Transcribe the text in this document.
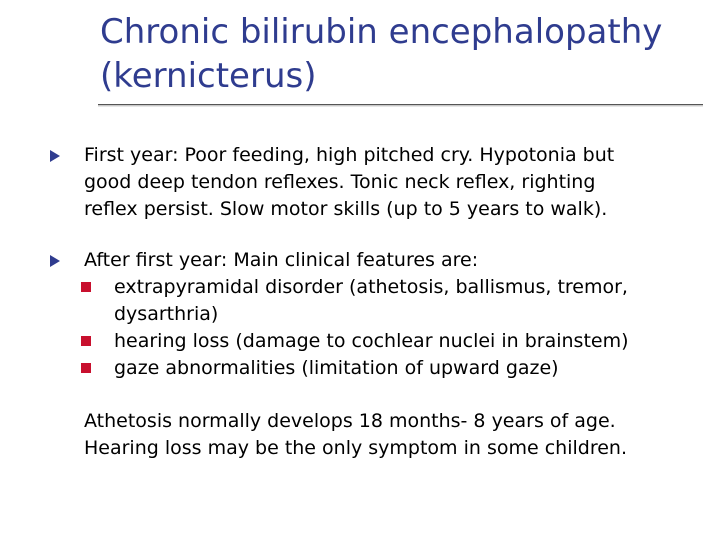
Chronic bilirubin encephalopathy
(kernicterus)
First year: Poor feeding, high pitched cry. Hypotonia but
good deep tendon reflexes. Tonic neck reflex, righting
reflex persist. Slow motor skills (up to 5 years to walk).
After first year: Main clinical features are:
extrapyramidal disorder (athetosis, ballismus, tremor,
dysarthria)
hearing loss (damage to cochlear nuclei in brainstem)
gaze abnormalities (limitation of upward gaze)
Athetosis normally develops 18 months- 8 years of age.
Hearing loss may be the only symptom in some children.
